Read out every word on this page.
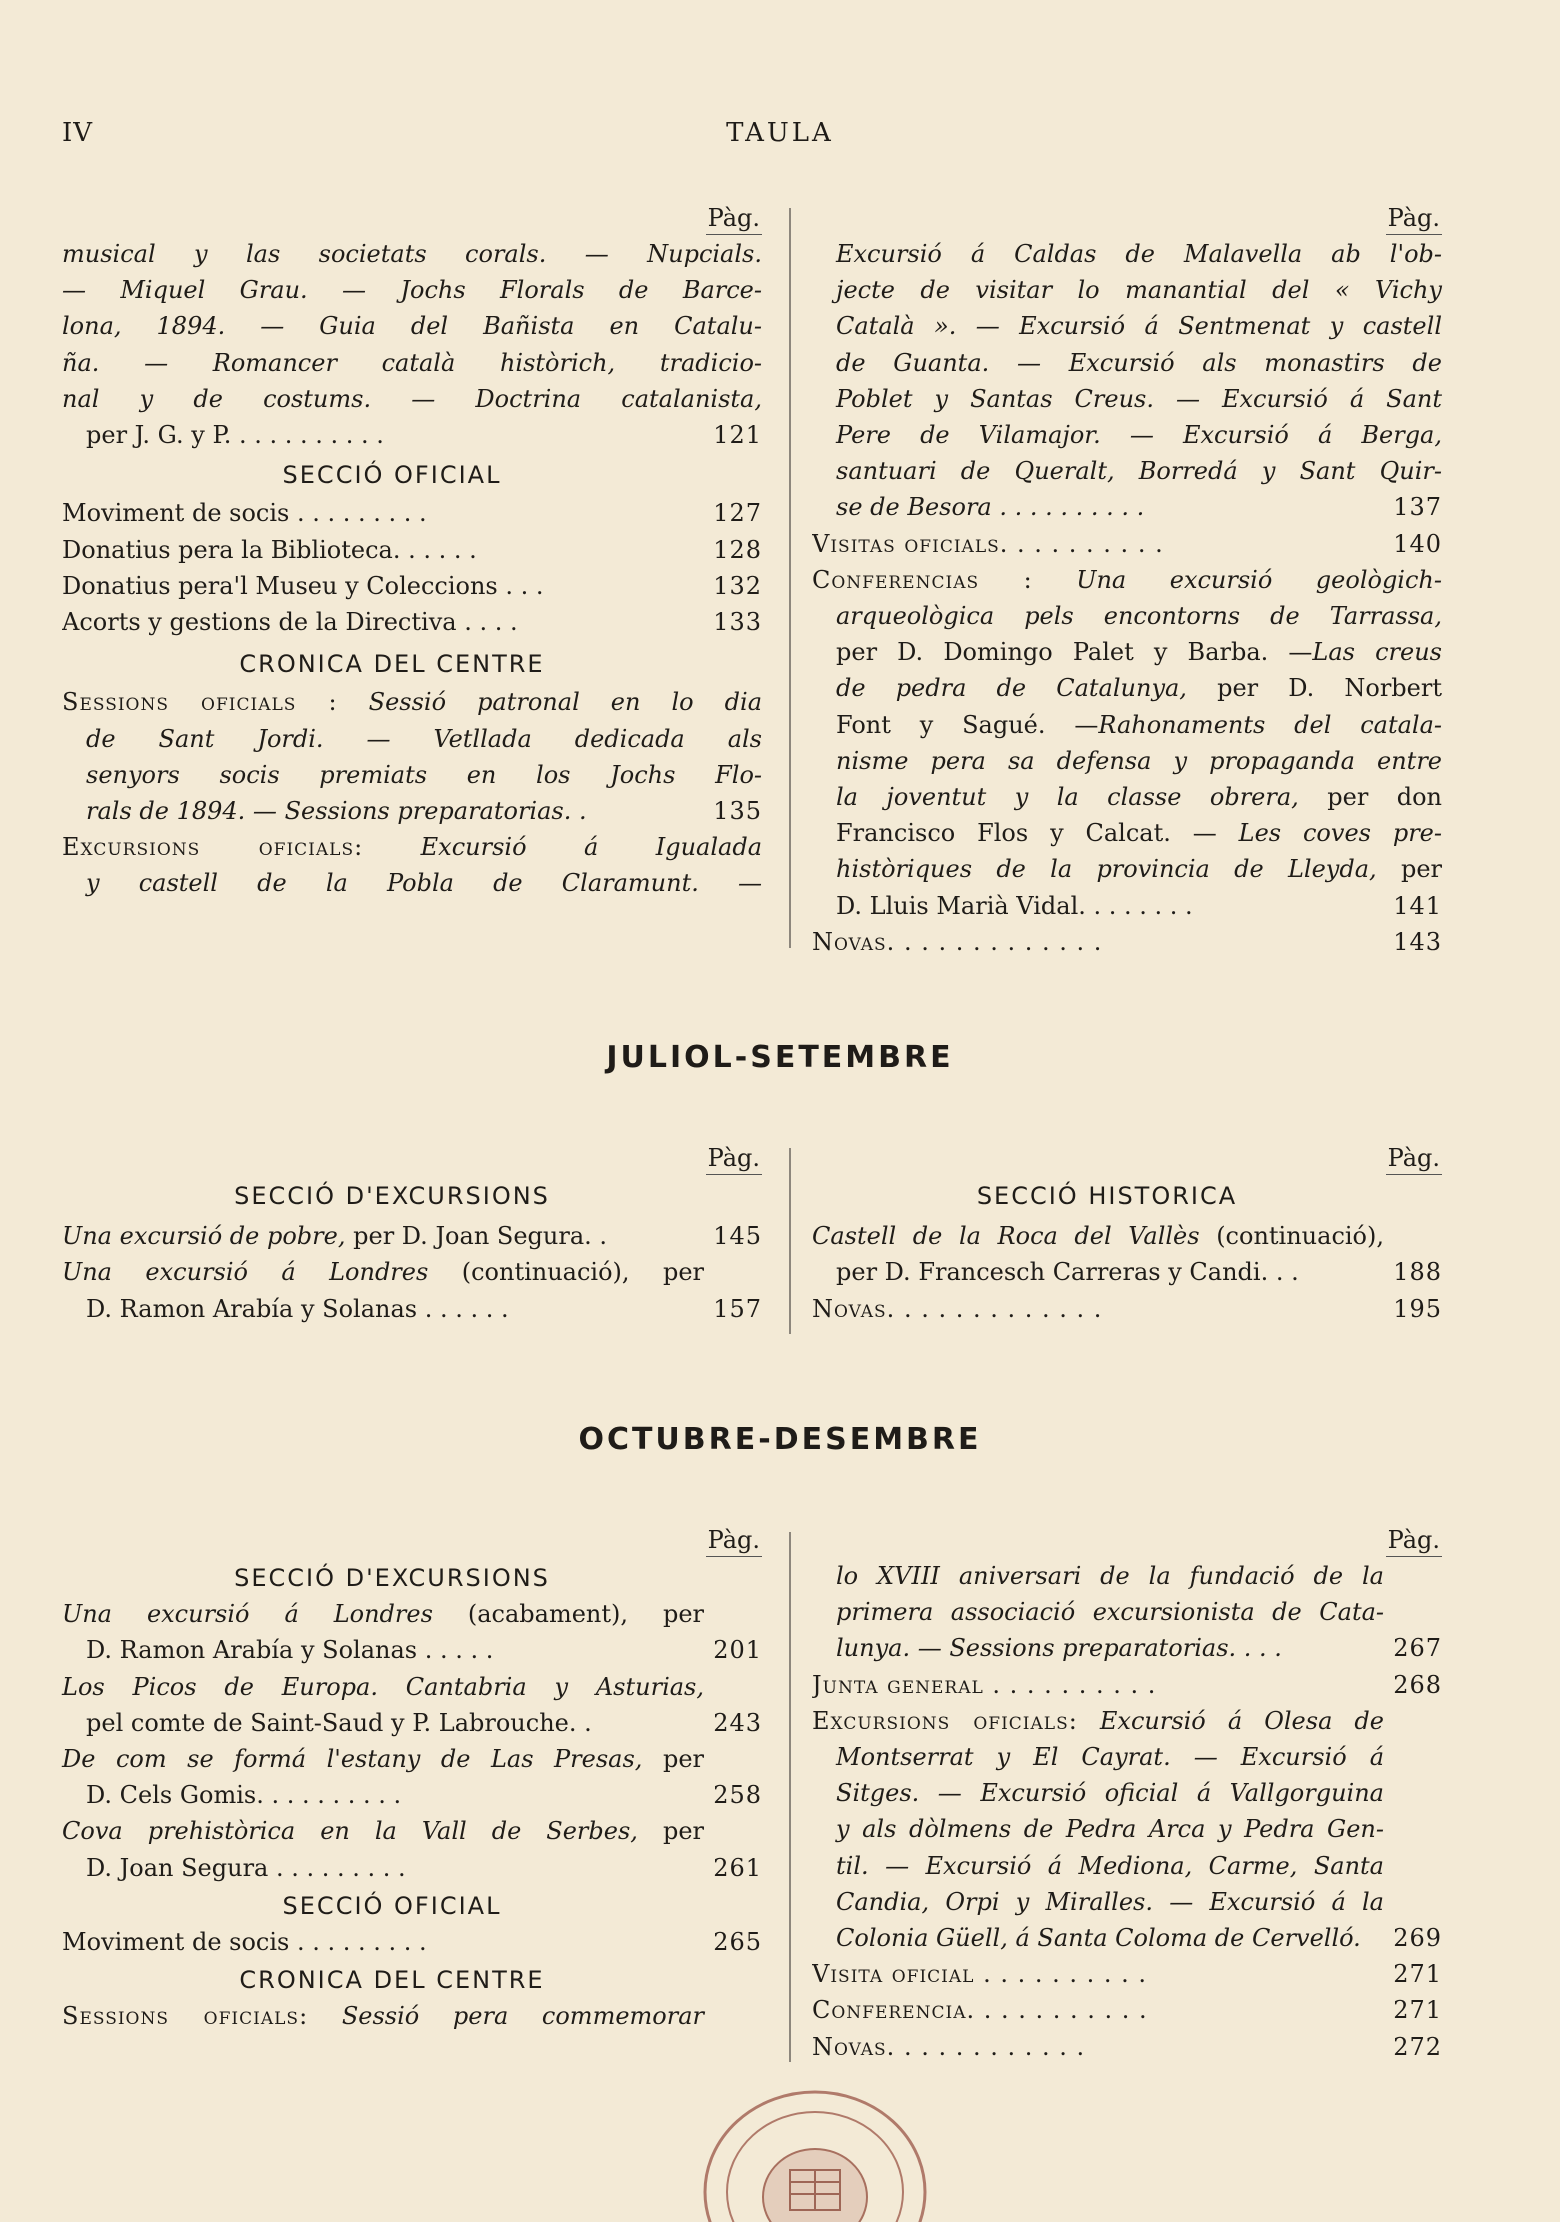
IV	TAULA
Pàg.
musical y las societats corals. — Nupcials.
— Miquel Grau. — Jochs Florals de Barce-
lona, 1894. — Guia del Bañista en Catalu-
ña. — Romancer català històrich, tradicio-
nal y de costums. — Doctrina catalanista,
per J. G. y P. . . . . . . . . . .	121
SECCIÓ OFICIAL
Moviment de socis . . . . . . . . .	127
Donatius pera la Biblioteca. . . . . .	128
Donatius pera'l Museu y Coleccions . . .	132
Acorts y gestions de la Directiva . . . .	133
CRONICA DEL CENTRE
Sessions oficials : Sessió patronal en lo dia
de Sant Jordi. — Vetllada dedicada als
senyors socis premiats en los Jochs Flo-
rals de 1894. — Sessions preparatorias. .	135
Excursions oficials: Excursió á Igualada
y castell de la Pobla de Claramunt. —
Pàg.
Excursió á Caldas de Malavella ab l'ob-
jecte de visitar lo manantial del « Vichy
Català ». — Excursió á Sentmenat y castell
de Guanta. — Excursió als monastirs de
Poblet y Santas Creus. — Excursió á Sant
Pere de Vilamajor. — Excursió á Berga,
santuari de Queralt, Borredá y Sant Quir-
se de Besora . . . . . . . . . .	137
Visitas oficials. . . . . . . . . .	140
Conferencias : Una excursió geològich-
arqueològica pels encontorns de Tarrassa,
per D. Domingo Palet y Barba. —Las creus
de pedra de Catalunya, per D. Norbert
Font y Sagué. —Rahonaments del catala-
nisme pera sa defensa y propaganda entre
la joventut y la classe obrera, per don
Francisco Flos y Calcat. — Les coves pre-
històriques de la provincia de Lleyda, per
D. Lluis Marià Vidal. . . . . . . .	141
Novas. . . . . . . . . . . . .	143
JULIOL-SETEMBRE
Pàg.
SECCIÓ D'EXCURSIONS
Una excursió de pobre, per D. Joan Segura. .	145
Una excursió á Londres (continuació), per
D. Ramon Arabía y Solanas . . . . . .	157
Pàg.
SECCIÓ HISTORICA
Castell de la Roca del Vallès (continuació),
per D. Francesch Carreras y Candi. . .	188
Novas. . . . . . . . . . . . .	195
OCTUBRE-DESEMBRE
Pàg.
SECCIÓ D'EXCURSIONS
Una excursió á Londres (acabament), per
D. Ramon Arabía y Solanas . . . . .	201
Los Picos de Europa. Cantabria y Asturias,
pel comte de Saint-Saud y P. Labrouche. .	243
De com se formá l'estany de Las Presas, per
D. Cels Gomis. . . . . . . . . .	258
Cova prehistòrica en la Vall de Serbes, per
D. Joan Segura . . . . . . . . .	261
SECCIÓ OFICIAL
Moviment de socis . . . . . . . . .	265
CRONICA DEL CENTRE
Sessions oficials: Sessió pera commemorar
Pàg.
lo XVIII aniversari de la fundació de la
primera associació excursionista de Cata-
lunya. — Sessions preparatorias. . . .	267
Junta general . . . . . . . . . .	268
Excursions oficials: Excursió á Olesa de
Montserrat y El Cayrat. — Excursió á
Sitges. — Excursió oficial á Vallgorguina
y als dòlmens de Pedra Arca y Pedra Gen-
til. — Excursió á Mediona, Carme, Santa
Candia, Orpi y Miralles. — Excursió á la
Colonia Güell, á Santa Coloma de Cervelló.	269
Visita oficial . . . . . . . . . .	271
Conferencia. . . . . . . . . . .	271
Novas. . . . . . . . . . . .	272
